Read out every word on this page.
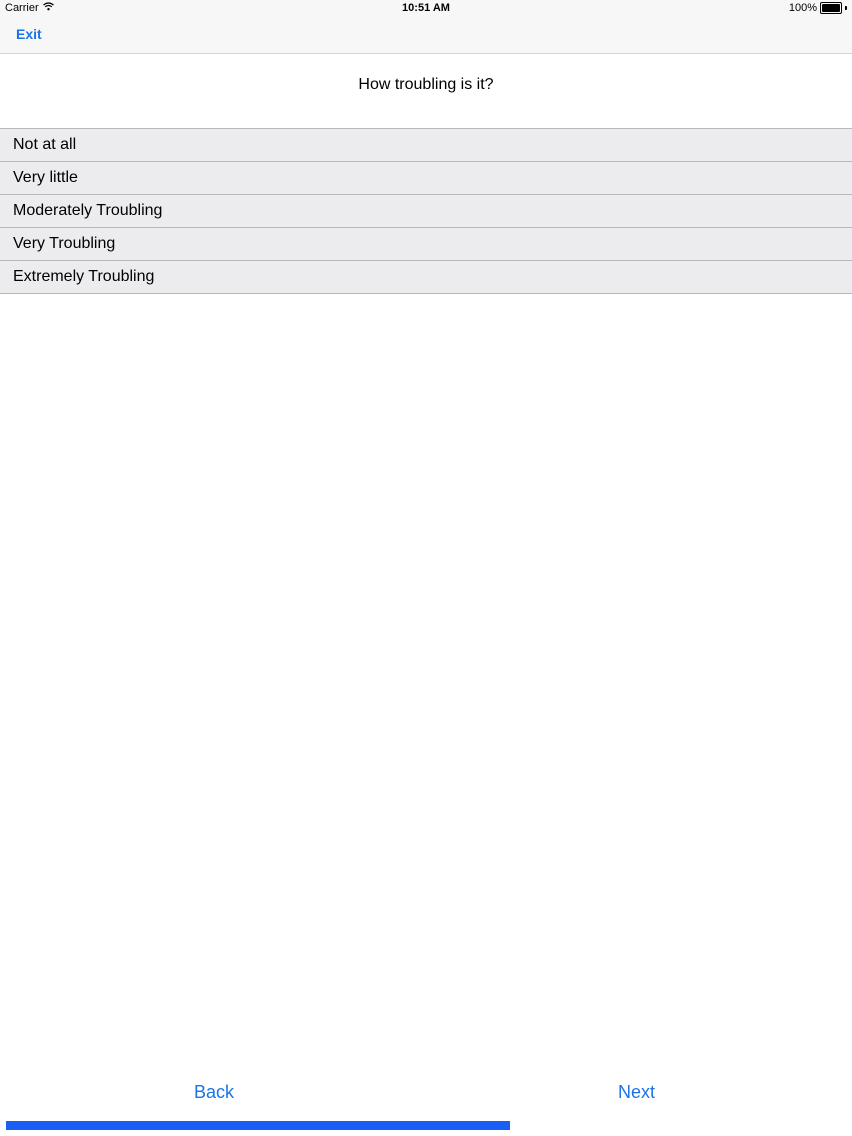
Carrier	10:51 AM	100%
Exit
How troubling is it?
Not at all
Very little
Moderately Troubling
Very Troubling
Extremely Troubling
Back	Next
